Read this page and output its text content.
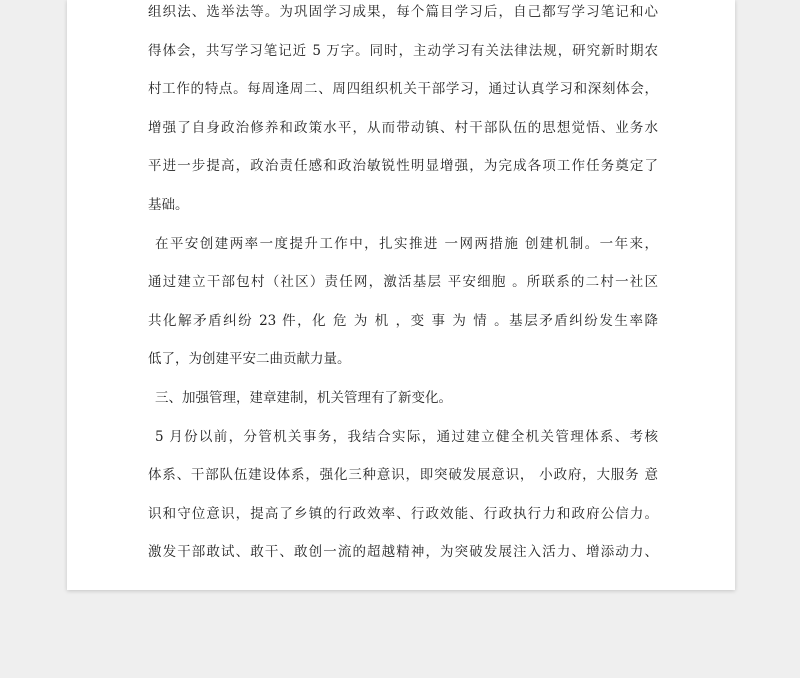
组织法、选举法等。为巩固学习成果，每个篇目学习后，自己都写学习笔记和心
得体会，共写学习笔记近 5 万字。同时，主动学习有关法律法规，研究新时期农
村工作的特点。每周逢周二、周四组织机关干部学习，通过认真学习和深刻体会，
增强了自身政治修养和政策水平，从而带动镇、村干部队伍的思想觉悟、业务水
平进一步提高，政治责任感和政治敏锐性明显增强，为完成各项工作任务奠定了
基础。
在平安创建两率一度提升工作中，扎实推进 一网两措施 创建机制。一年来，
通过建立干部包村（社区）责任网，激活基层 平安细胞 。所联系的二村一社区
共化解矛盾纠纷 23 件，化 危 为 机 ，变 事 为 情 。基层矛盾纠纷发生率降
低了，为创建平安二曲贡献力量。
三、加强管理，建章建制，机关管理有了新变化。
5 月份以前，分管机关事务，我结合实际，通过建立健全机关管理体系、考核
体系、干部队伍建设体系，强化三种意识，即突破发展意识， 小政府，大服务 意
识和守位意识，提高了乡镇的行政效率、行政效能、行政执行力和政府公信力。
激发干部敢试、敢干、敢创一流的超越精神，为突破发展注入活力、增添动力、
